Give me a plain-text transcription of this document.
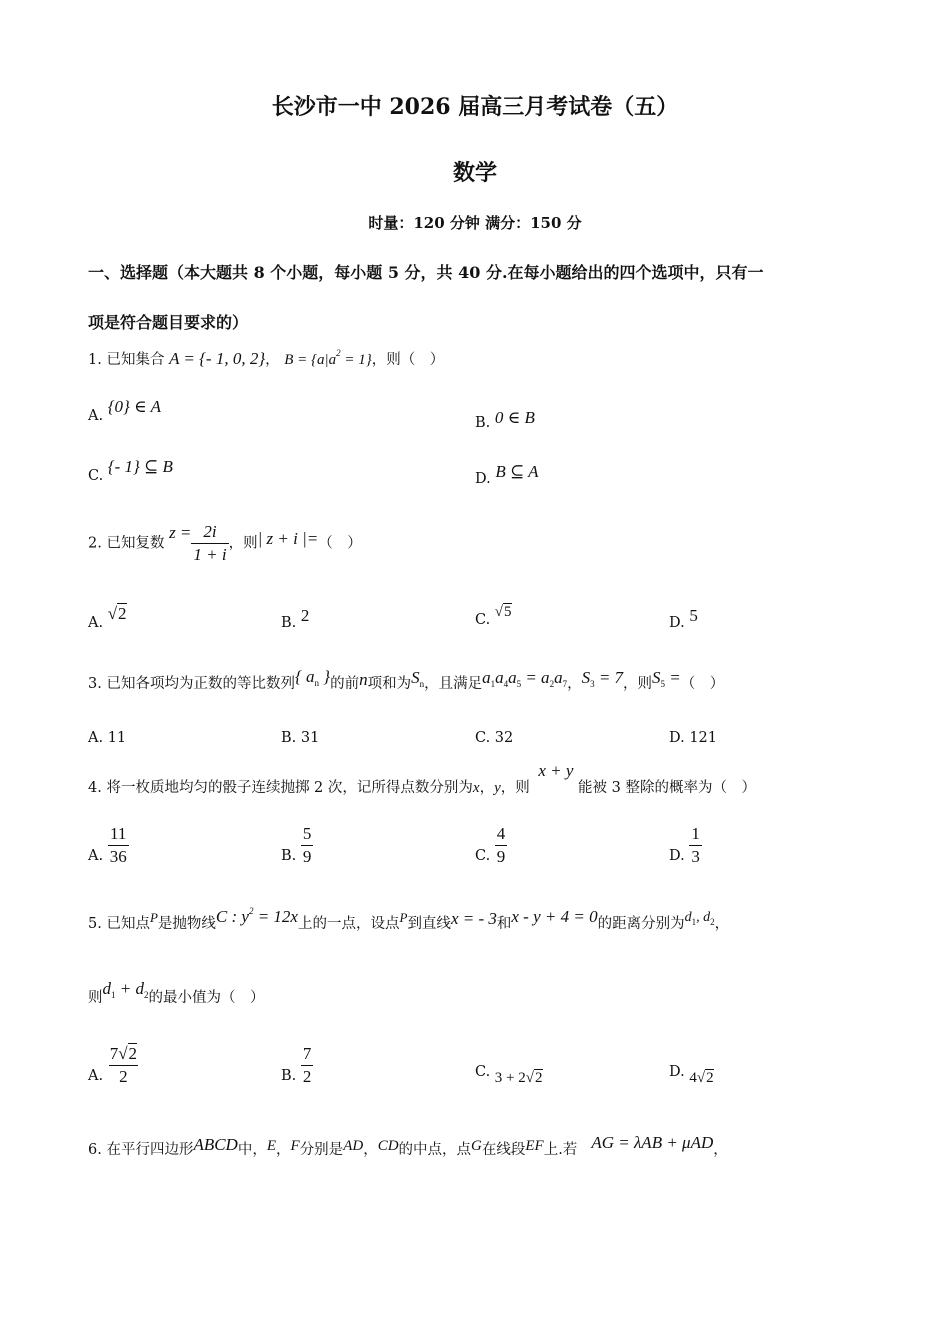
长沙市一中 2026 届高三月考试卷（五）
数学
时量：120 分钟 满分：150 分
一、选择题（本大题共 8 个小题，每小题 5 分，共 40 分.在每小题给出的四个选项中，只有一
项是符合题目要求的）
1. 已知集合 A = {- 1, 0, 2}， $B = \{a|a^2 = 1\}$，则（　）
A. {0} ∈ A
B. 0 ∈ B
C. {- 1} ⊆ B
D. B ⊆ A
2. 已知复数 $z = \frac{2i}{1 + i}$ ，则| z + i |=（　）
A. √2	B. 2	C. √5
D. 5
3. 已知各项均为正数的等比数列{ $a_n$ }的前n项和为$S_n$，且满足$a_1a_4a_5 = a_2a_7$，$S_3 = 7$，则$S_5$ =（　）
A. 11	B. 31	C. 32	D. 121
4. 将一枚质地均匀的骰子连续抛掷 2 次，记所得点数分别为x，y，则 x + y 能被 3 整除的概率为（　）
A. $\frac{11}{36}$	B. $\frac{5}{9}$	C. $\frac{4}{9}$	D. $\frac{1}{3}$
5. 已知点P是抛物线C : $y^2 = 12x$上的一点，设点P到直线x = - 3和x - y + 4 = 0的距离分别为$d_1$, $d_2$，
则$d_1 + d_2$的最小值为（　）
A. $\frac{7√2}{2}$	B. $\frac{7}{2}$	C. 3 + 2√2	D. 4√2
6. 在平行四边形ABCD中，E，F分别是AD，CD的中点，点G在线段EF上.若 AG = λAB + μAD，
